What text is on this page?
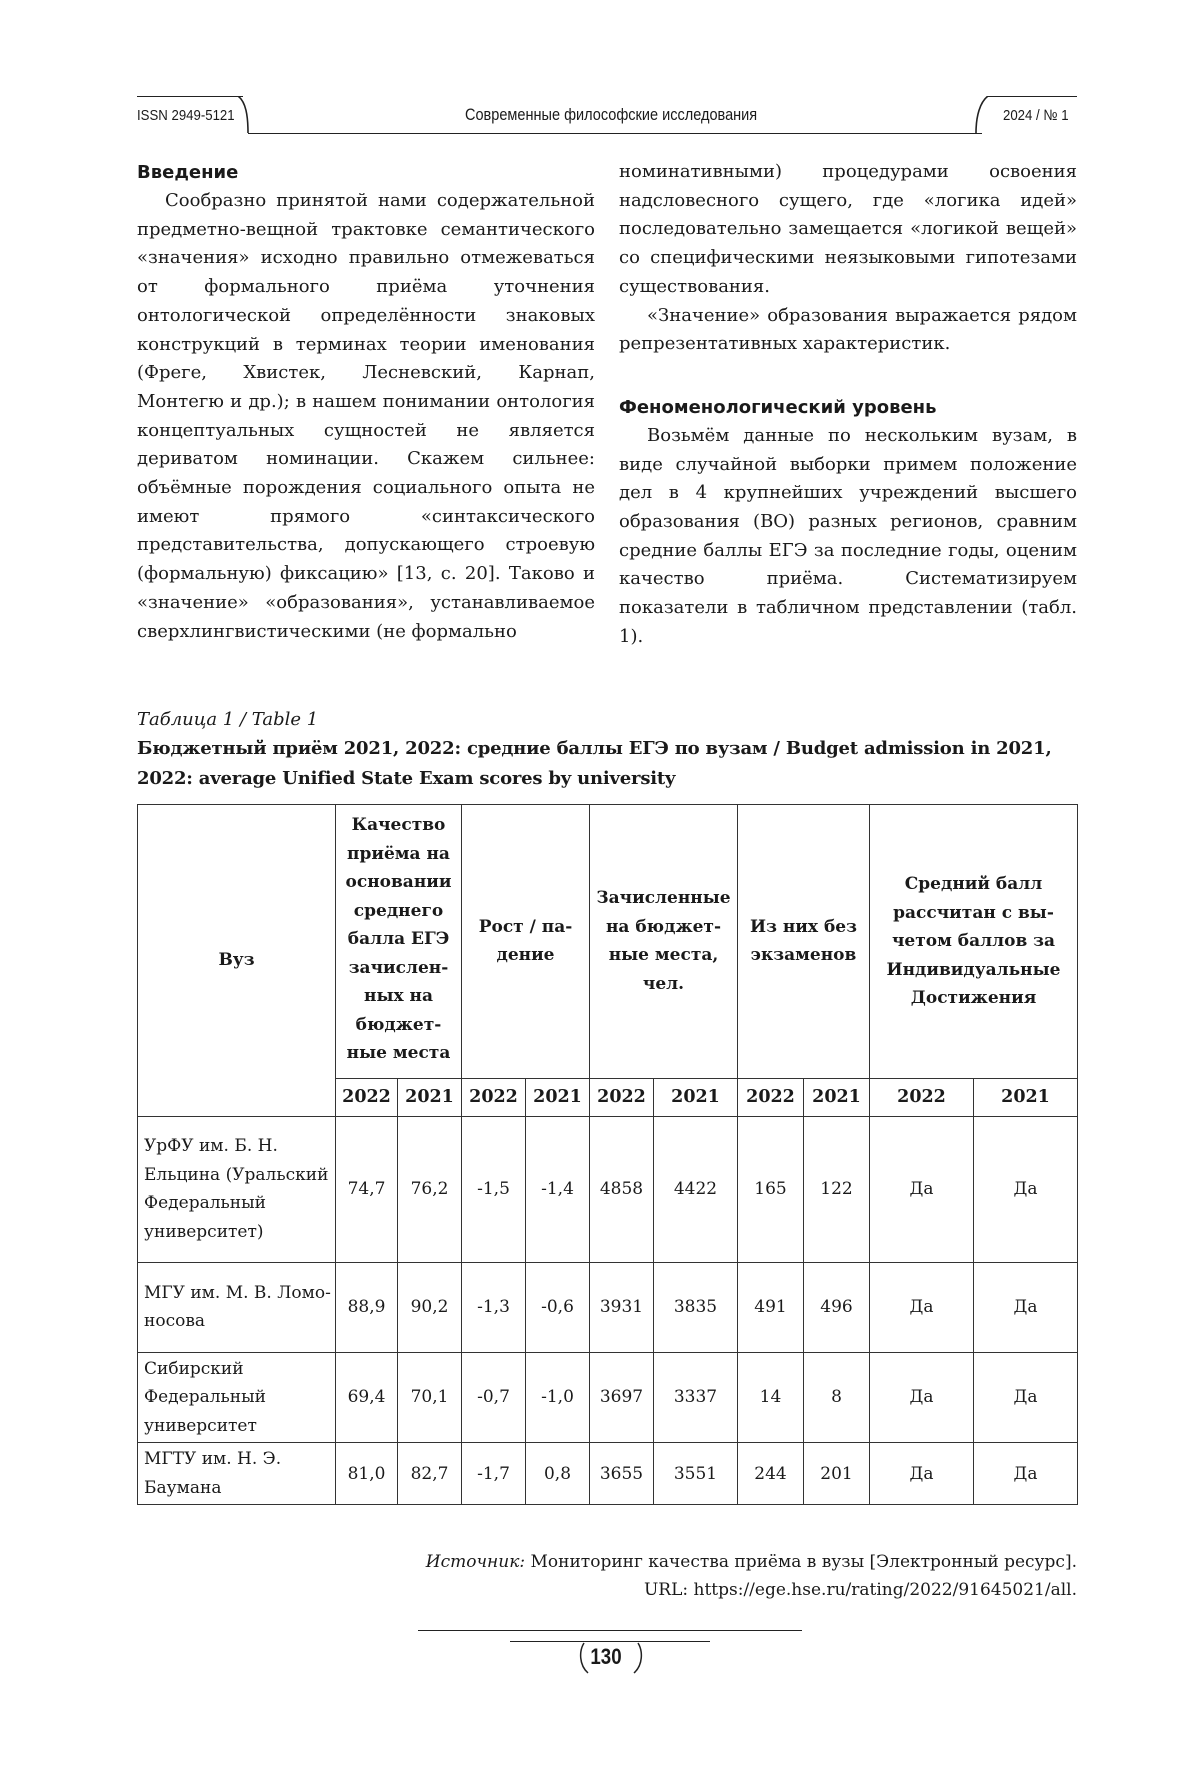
ISSN 2949-5121	Современные философские исследования	2024 / № 1

Введение

Сообразно принятой нами содержательной предметно-вещной трактовке семантического «значения» исходно правильно отмежеваться от формального приёма уточнения онтологической определённости знаковых конструкций в терминах теории именования (Фреге, Хвистек, Лесневский, Карнап, Монтегю и др.); в нашем понимании онтология концептуальных сущностей не является дериватом номинации. Скажем сильнее: объёмные порождения социального опыта не имеют прямого «синтаксического представительства, допускающего строевую (формальную) фиксацию» [13, с. 20]. Таково и «значение» «образования», устанавливаемое сверхлингвистическими (не формально

номинативными) процедурами освоения надсловесного сущего, где «логика идей» последовательно замещается «логикой вещей» со специфическими неязыковыми гипотезами существования.

«Значение» образования выражается рядом репрезентативных характеристик.

Феноменологический уровень

Возьмём данные по нескольким вузам, в виде случайной выборки примем положение дел в 4 крупнейших учреждений высшего образования (ВО) разных регионов, сравним средние баллы ЕГЭ за последние годы, оценим качество приёма. Систематизируем показатели в табличном представлении (табл. 1).

Таблица 1 / Table 1
Бюджетный приём 2021, 2022: средние баллы ЕГЭ по вузам / Budget admission in 2021, 2022: average Unified State Exam scores by university
Вуз	Качество приёма на основании среднего балла ЕГЭ зачисленных на бюджетные места		Рост / падение		Зачисленные на бюджетные места, чел.		Из них без экзаменов		Средний балл рассчитан с вычетом баллов за Индивидуальные Достижения	
	2022	2021	2022	2021	2022	2021	2022	2021	2022	2021
УрФУ им. Б. Н. Ельцина (Уральский Федеральный университет)	74,7	76,2	-1,5	-1,4	4858	4422	165	122	Да	Да
МГУ им. М. В. Ломоносова	88,9	90,2	-1,3	-0,6	3931	3835	491	496	Да	Да
Сибирский Федеральный университет	69,4	70,1	-0,7	-1,0	3697	3337	14	8	Да	Да
МГТУ им. Н. Э. Баумана	81,0	82,7	-1,7	0,8	3655	3551	244	201	Да	Да
Источник: Мониторинг качества приёма в вузы [Электронный ресурс].
URL: https://ege.hse.ru/rating/2022/91645021/all.
130
